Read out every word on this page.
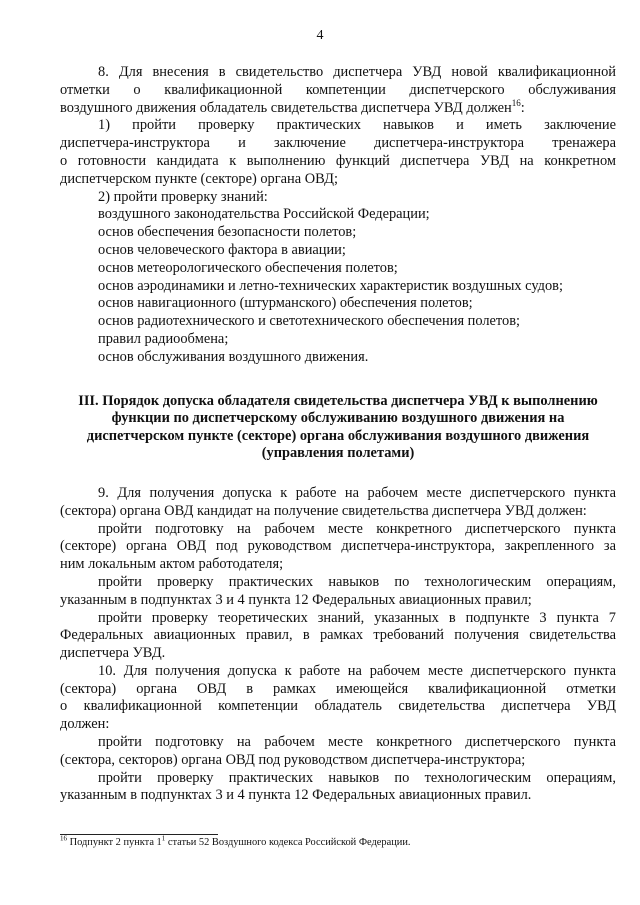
4
8. Для внесения в свидетельство диспетчера УВД новой квалификационной
отметки о квалификационной компетенции диспетчерского обслуживания
воздушного движения обладатель свидетельства диспетчера УВД должен$^{16}$:
1) пройти проверку практических навыков и иметь заключение
диспетчера-инструктора и заключение диспетчера-инструктора тренажера
о готовности кандидата к выполнению функций диспетчера УВД на конкретном
диспетчерском пункте (секторе) органа ОВД;
2) пройти проверку знаний:
воздушного законодательства Российской Федерации;
основ обеспечения безопасности полетов;
основ человеческого фактора в авиации;
основ метеорологического обеспечения полетов;
основ аэродинамики и летно-технических характеристик воздушных судов;
основ навигационного (штурманского) обеспечения полетов;
основ радиотехнического и светотехнического обеспечения полетов;
правил радиообмена;
основ обслуживания воздушного движения.
III. Порядок допуска обладателя свидетельства диспетчера УВД к выполнению
функции по диспетчерскому обслуживанию воздушного движения на
диспетчерском пункте (секторе) органа обслуживания воздушного движения
(управления полетами)
9. Для получения допуска к работе на рабочем месте диспетчерского пункта
(сектора) органа ОВД кандидат на получение свидетельства диспетчера УВД должен:
пройти подготовку на рабочем месте конкретного диспетчерского пункта
(секторе) органа ОВД под руководством диспетчера-инструктора, закрепленного за
ним локальным актом работодателя;
пройти проверку практических навыков по технологическим операциям,
указанным в подпунктах 3 и 4 пункта 12 Федеральных авиационных правил;
пройти проверку теоретических знаний, указанных в подпункте 3 пункта 7
Федеральных авиационных правил, в рамках требований получения свидетельства
диспетчера УВД.
10. Для получения допуска к работе на рабочем месте диспетчерского пункта
(сектора) органа ОВД в рамках имеющейся квалификационной отметки
о квалификационной компетенции обладатель свидетельства диспетчера УВД
должен:
пройти подготовку на рабочем месте конкретного диспетчерского пункта
(сектора, секторов) органа ОВД под руководством диспетчера-инструктора;
пройти проверку практических навыков по технологическим операциям,
указанным в подпунктах 3 и 4 пункта 12 Федеральных авиационных правил.
$^{16}$ Подпункт 2 пункта 1$^1$ статьи 52 Воздушного кодекса Российской Федерации.
